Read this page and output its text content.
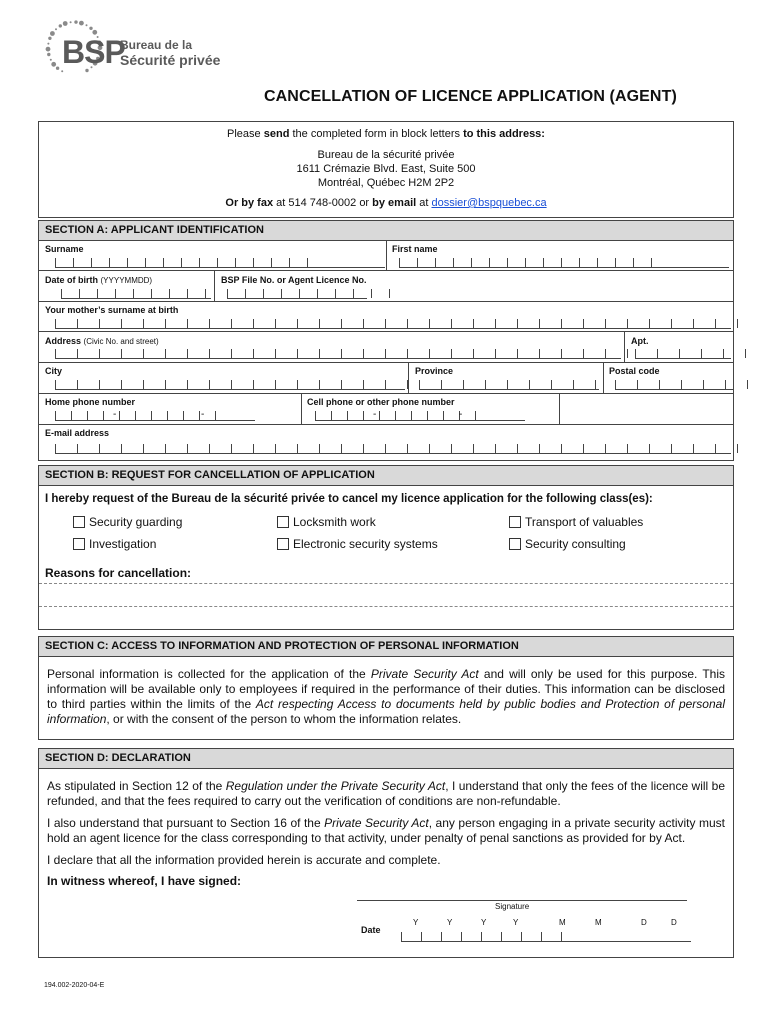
BSP
Bureau de la
Sécurité privée
CANCELLATION OF LICENCE APPLICATION (AGENT)
Please send the completed form in block letters to this address:
Bureau de la sécurité privée
1611 Crémazie Blvd. East, Suite 500
Montréal, Québec H2M 2P2
Or by fax at 514 748-0002 or by email at dossier@bspquebec.ca
SECTION A: APPLICANT IDENTIFICATION
Surname	First name
Date of birth (YYYYMMDD)	BSP File No. or Agent Licence No.
Your mother’s surname at birth
Address (Civic No. and street)	Apt.
City	Province	Postal code
Home phone number	Cell phone or other phone number
-	-	-	-
E-mail address
SECTION B: REQUEST FOR CANCELLATION OF APPLICATION
I hereby request of the Bureau de la sécurité privée to cancel my licence application for the following class(es):
Security guarding	Locksmith work	Transport of valuables
Investigation	Electronic security systems	Security consulting
Reasons for cancellation:
SECTION C: ACCESS TO INFORMATION AND PROTECTION OF PERSONAL INFORMATION
Personal information is collected for the application of the Private Security Act and will only be used for this purpose. This information will be available only to employees if required in the performance of their duties. This information can be disclosed to third parties within the limits of the Act respecting Access to documents held by public bodies and Protection of personal information, or with the consent of the person to whom the information relates.
SECTION D: DECLARATION
As stipulated in Section 12 of the Regulation under the Private Security Act, I understand that only the fees of the licence will be refunded, and that the fees required to carry out the verification of conditions are non-refundable.
I also understand that pursuant to Section 16 of the Private Security Act, any person engaging in a private security activity must hold an agent licence for the class corresponding to that activity, under penalty of penal sanctions as provided for by Act.
I declare that all the information provided herein is accurate and complete.
In witness whereof, I have signed:
Signature
Date
Y	Y	Y	Y	M	M	D	D
194.002-2020-04-E
